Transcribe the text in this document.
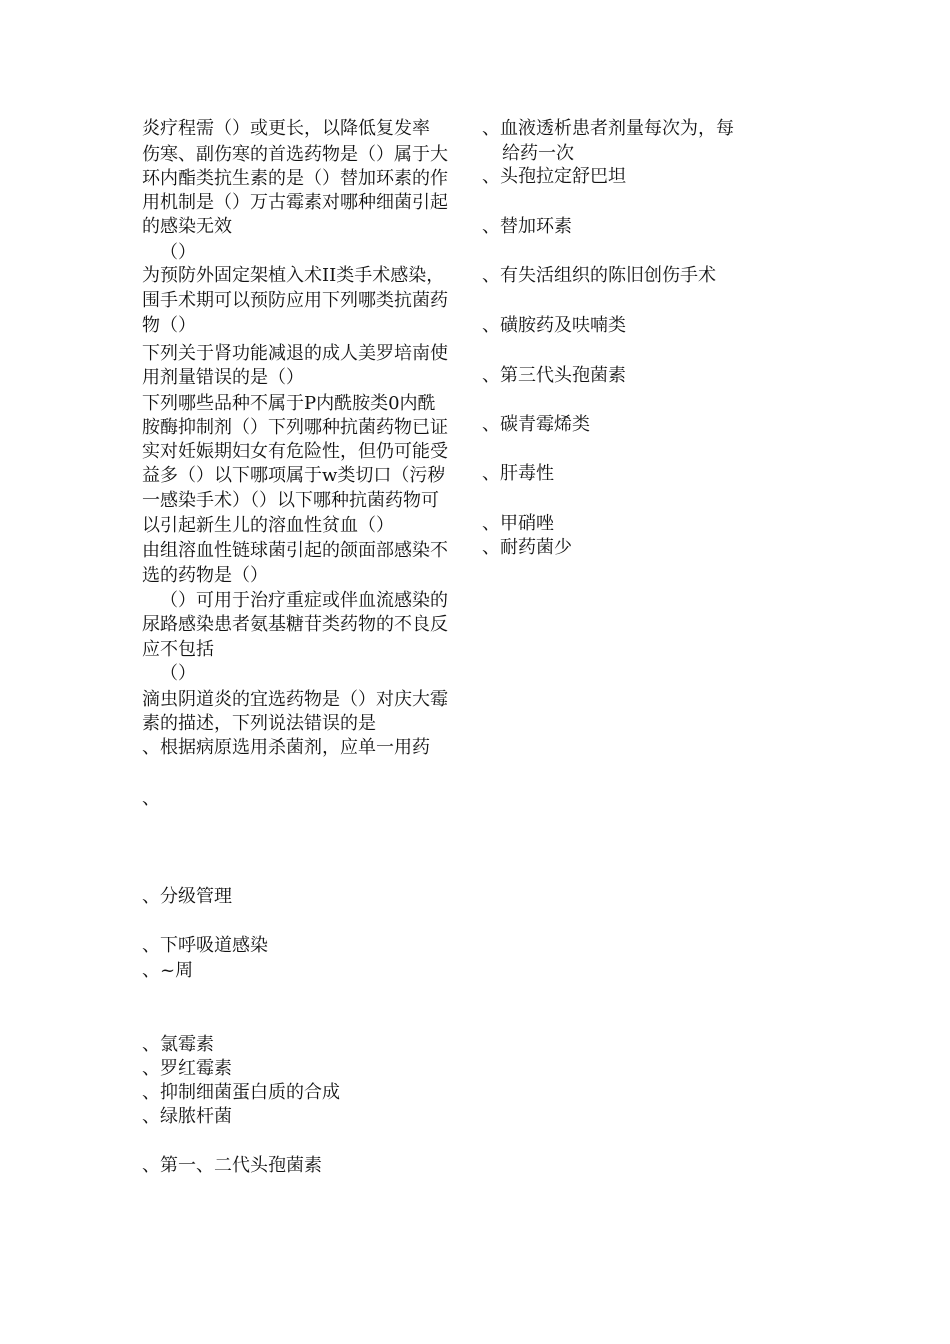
炎疗程需（）或更长，以降低复发率
伤寒、副伤寒的首选药物是（）属于大
环内酯类抗生素的是（）替加环素的作
用机制是（）万古霉素对哪种细菌引起
的感染无效
（）
为预防外固定架植入术II类手术感染，
围手术期可以预防应用下列哪类抗菌药
物（）
下列关于肾功能减退的成人美罗培南使
用剂量错误的是（）
下列哪些品种不属于P内酰胺类0内酰
胺酶抑制剂（）下列哪种抗菌药物已证
实对妊娠期妇女有危险性，但仍可能受
益多（）以下哪项属于w类切口（污秽
一感染手术）（）以下哪种抗菌药物可
以引起新生儿的溶血性贫血（）
由组溶血性链球菌引起的颌面部感染不
选的药物是（）
（）可用于治疗重症或伴血流感染的
尿路感染患者氨基糖苷类药物的不良反
应不包括
（）
滴虫阴道炎的宜选药物是（）对庆大霉
素的描述，下列说法错误的是
、根据病原选用杀菌剂，应单一用药
、
、分级管理
、下呼吸道感染
、~周
、氯霉素
、罗红霉素
、抑制细菌蛋白质的合成
、绿脓杆菌
、第一、二代头孢菌素
、血液透析患者剂量每次为，每
给药一次
、头孢拉定舒巴坦
、替加环素
、有失活组织的陈旧创伤手术
、磺胺药及呋喃类
、第三代头孢菌素
、碳青霉烯类
、肝毒性
、甲硝唑
、耐药菌少
